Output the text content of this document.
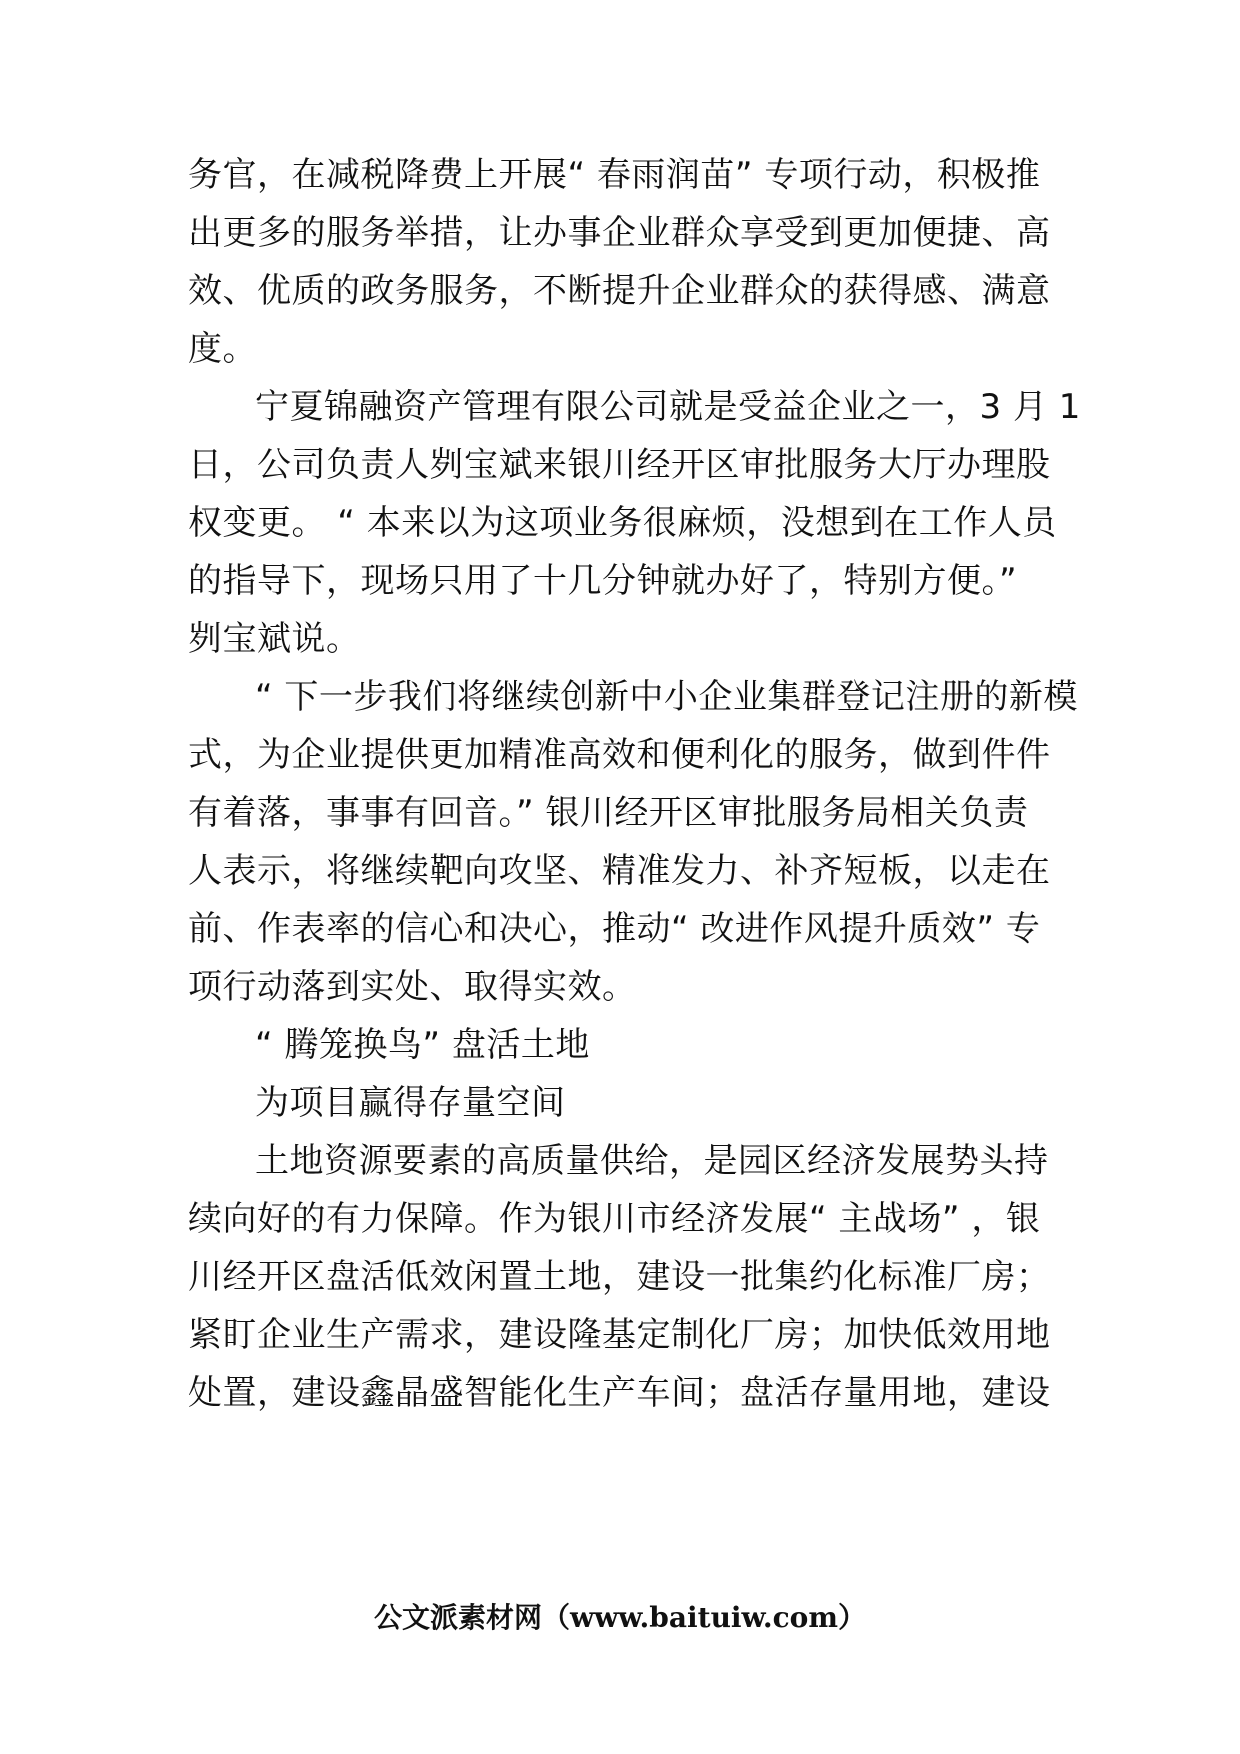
务官，在减税降费上开展“ 春雨润苗” 专项行动，积极推
出更多的服务举措，让办事企业群众享受到更加便捷、高
效、优质的政务服务，不断提升企业群众的获得感、满意
度。
宁夏锦融资产管理有限公司就是受益企业之一，3 月 1
日，公司负责人刿宝斌来银川经开区审批服务大厅办理股
权变更。 “ 本来以为这项业务很麻烦，没想到在工作人员
的指导下，现场只用了十几分钟就办好了，特别方便。”
刿宝斌说。
“ 下一步我们将继续创新中小企业集群登记注册的新模
式，为企业提供更加精准高效和便利化的服务，做到件件
有着落，事事有回音。” 银川经开区审批服务局相关负责
人表示，将继续靶向攻坚、精准发力、补齐短板，以走在
前、作表率的信心和决心，推动“ 改进作风提升质效” 专
项行动落到实处、取得实效。
“ 腾笼换鸟” 盘活土地
为项目赢得存量空间
土地资源要素的高质量供给，是园区经济发展势头持
续向好的有力保障。作为银川市经济发展“ 主战场” ，银
川经开区盘活低效闲置土地，建设一批集约化标准厂房；
紧盯企业生产需求，建设隆基定制化厂房；加快低效用地
处置，建设鑫晶盛智能化生产车间；盘活存量用地，建设
公文派素材网（www.baituiw.com）
